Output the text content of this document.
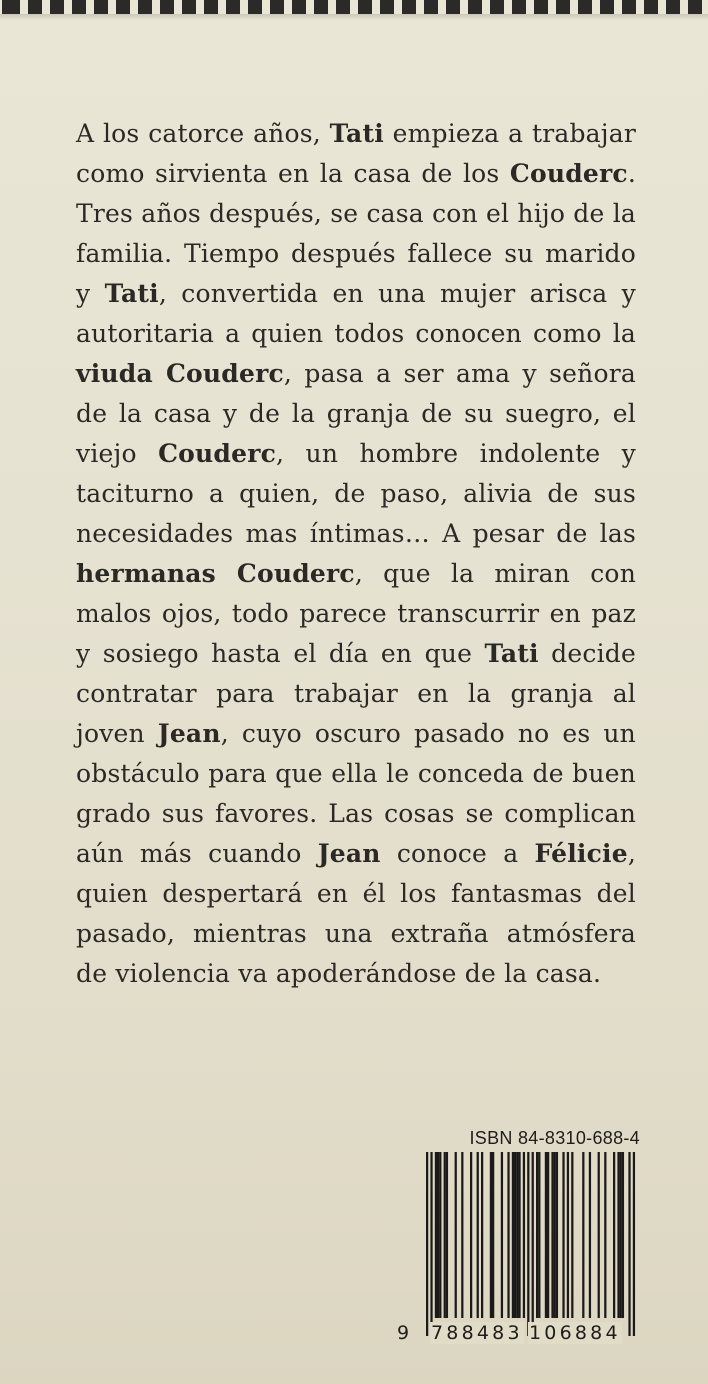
A los catorce años, Tati empieza a trabajar como sirvienta en la casa de los Couderc. Tres años después, se casa con el hijo de la familia. Tiempo después fallece su marido y Tati, convertida en una mujer arisca y autoritaria a quien todos conocen como la viuda Couderc, pasa a ser ama y señora de la casa y de la granja de su suegro, el viejo Couderc, un hombre indolente y taciturno a quien, de paso, alivia de sus necesidades mas íntimas… A pesar de las hermanas Couderc, que la miran con malos ojos, todo parece transcurrir en paz y sosiego hasta el día en que Tati decide contratar para trabajar en la granja al joven Jean, cuyo oscuro pasado no es un obstáculo para que ella le conceda de buen grado sus favores. Las cosas se complican aún más cuando Jean conoce a Félicie, quien despertará en él los fantasmas del pasado, mientras una extraña atmósfera de violencia va apoderándose de la casa.

ISBN 84-8310-688-4

9 788483 106884
